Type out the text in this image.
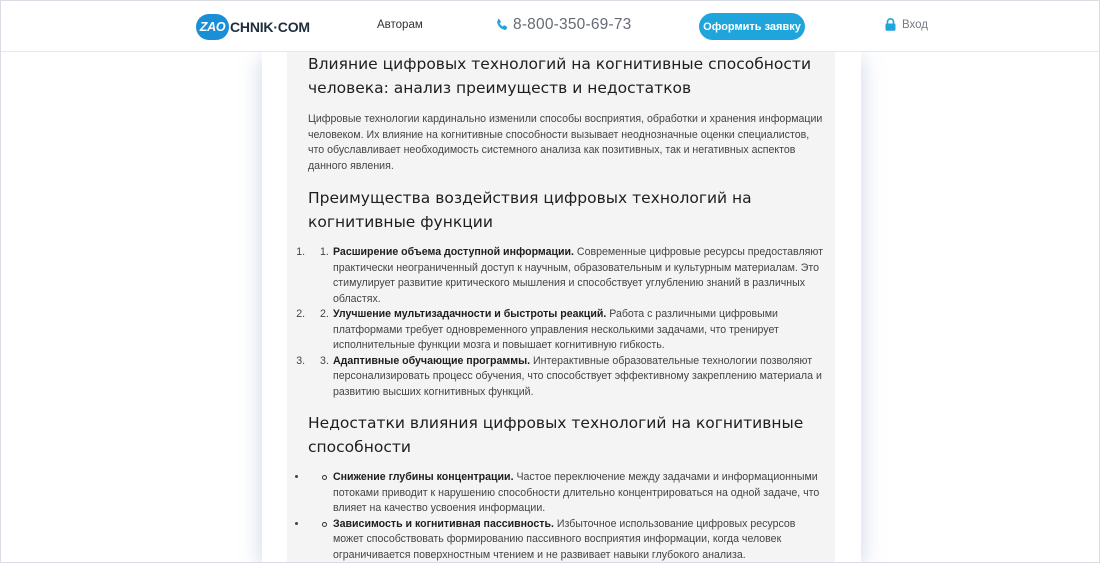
ZAO CHNIK·COM	Авторам	8-800-350-69-73	Оформить заявку	Вход
Влияние цифровых технологий на когнитивные способности человека: анализ преимуществ и недостатков

Цифровые технологии кардинально изменили способы восприятия, обработки и хранения информации человеком. Их влияние на когнитивные способности вызывает неоднозначные оценки специалистов, что обуславливает необходимость системного анализа как позитивных, так и негативных аспектов данного явления.

Преимущества воздействия цифровых технологий на когнитивные функции
1. 1. Расширение объема доступной информации. Современные цифровые ресурсы предоставляют практически неограниченный доступ к научным, образовательным и культурным материалам. Это стимулирует развитие критического мышления и способствует углублению знаний в различных областях.
2. 2. Улучшение мультизадачности и быстроты реакций. Работа с различными цифровыми платформами требует одновременного управления несколькими задачами, что тренирует исполнительные функции мозга и повышает когнитивную гибкость.
3. 3. Адаптивные обучающие программы. Интерактивные образовательные технологии позволяют персонализировать процесс обучения, что способствует эффективному закреплению материала и развитию высших когнитивных функций.
Недостатки влияния цифровых технологий на когнитивные способности
• Снижение глубины концентрации. Частое переключение между задачами и информационными потоками приводит к нарушению способности длительно концентрироваться на одной задаче, что влияет на качество усвоения информации.
• Зависимость и когнитивная пассивность. Избыточное использование цифровых ресурсов может способствовать формированию пассивного восприятия информации, когда человек ограничивается поверхностным чтением и не развивает навыки глубокого анализа.
